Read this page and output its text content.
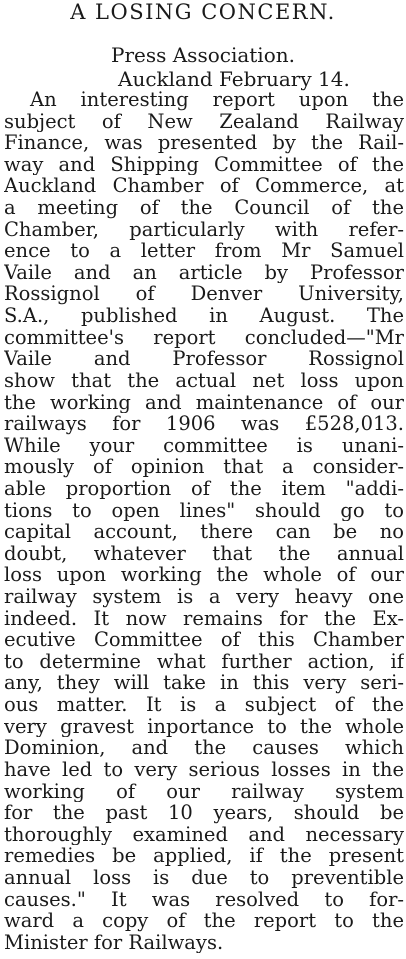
A LOSING CONCERN.
Press Association.
Auckland February 14.
An interesting report upon the
subject of New Zealand Railway
Finance, was presented by the Rail-
way and Shipping Committee of the
Auckland Chamber of Commerce, at
a meeting of the Council of the
Chamber, particularly with refer-
ence to a letter from Mr Samuel
Vaile and an article by Professor
Rossignol of Denver University,
S.A., published in August. The
committee's report concluded—"Mr
Vaile and Professor Rossignol
show that the actual net loss upon
the working and maintenance of our
railways for 1906 was £528,013.
While your committee is unani-
mously of opinion that a consider-
able proportion of the item "addi-
tions to open lines" should go to
capital account, there can be no
doubt, whatever that the annual
loss upon working the whole of our
railway system is a very heavy one
indeed. It now remains for the Ex-
ecutive Committee of this Chamber
to determine what further action, if
any, they will take in this very seri-
ous matter. It is a subject of the
very gravest inportance to the whole
Dominion, and the causes which
have led to very serious losses in the
working of our railway system
for the past 10 years, should be
thoroughly examined and necessary
remedies be applied, if the present
annual loss is due to preventible
causes." It was resolved to for-
ward a copy of the report to the
Minister for Railways.
